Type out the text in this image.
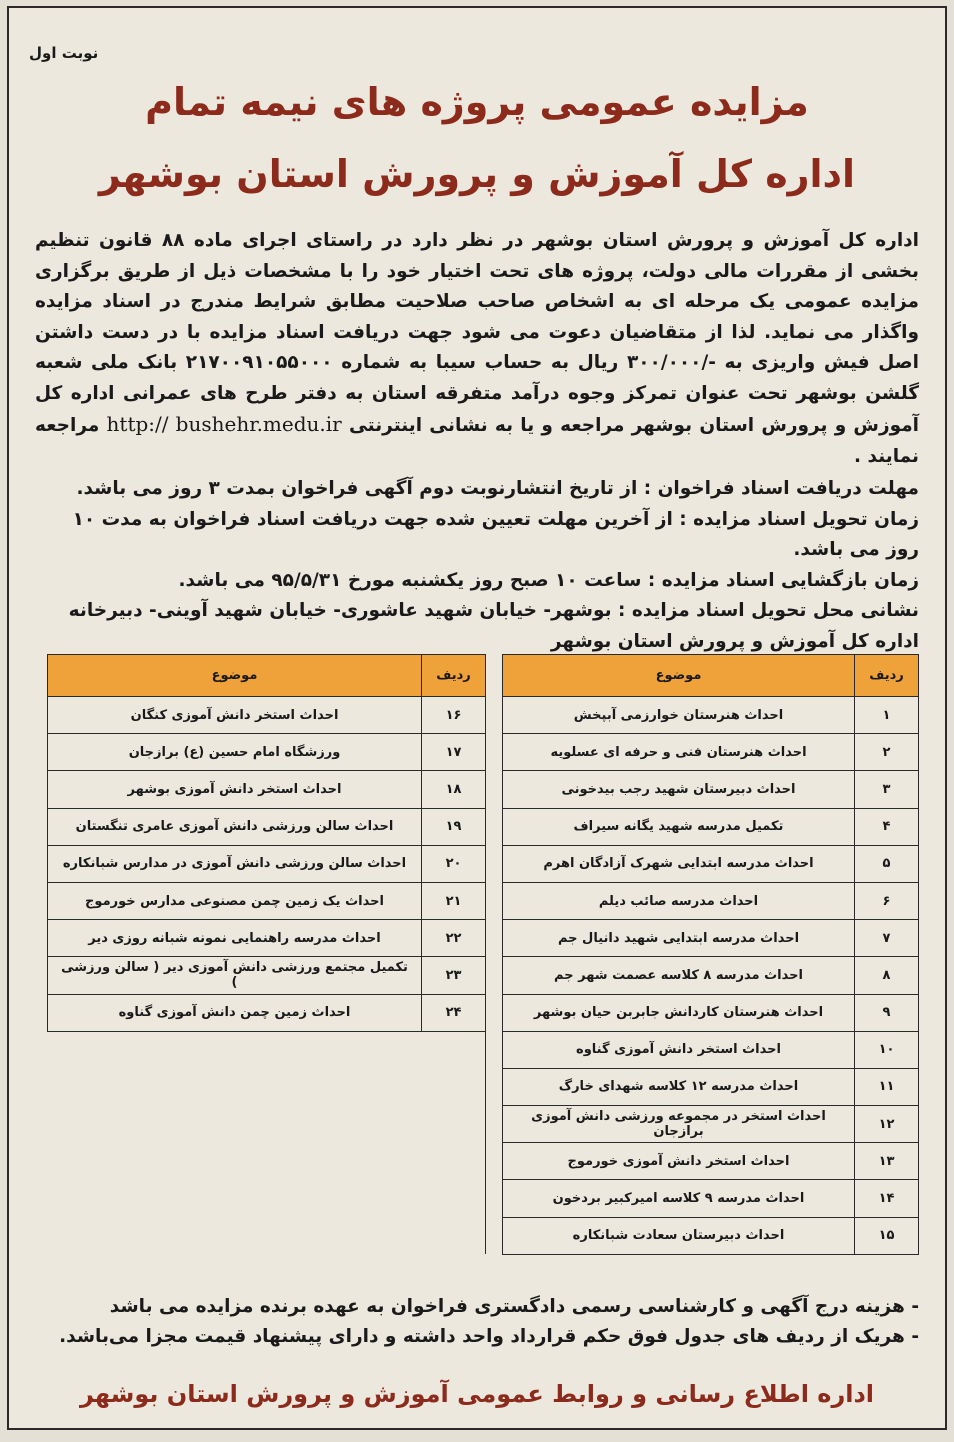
نوبت اول
مزایده عمومی پروژه های نیمه تمام
اداره کل آموزش و پرورش استان بوشهر

اداره کل آموزش و پرورش استان بوشهر در نظر دارد در راستای اجرای ماده ۸۸ قانون تنظیم بخشی از مقررات مالی دولت، پروژه های تحت اختیار خود را با مشخصات ذیل از طریق برگزاری مزایده عمومی یک مرحله ای به اشخاص صاحب صلاحیت مطابق شرایط مندرج در اسناد مزایده واگذار می نماید. لذا از متقاضیان دعوت می شود جهت دریافت اسناد مزایده با در دست داشتن اصل فیش واریزی به -/۳۰۰/۰۰۰ ریال به حساب سیبا به شماره ۲۱۷۰۰۹۱۰۵۵۰۰۰ بانک ملی شعبه گلشن بوشهر تحت عنوان تمرکز وجوه درآمد متفرقه استان به دفتر طرح های عمرانی اداره کل آموزش و پرورش استان بوشهر مراجعه و یا به نشانی اینترنتی http:// bushehr.medu.ir مراجعه نمایند .

مهلت دریافت اسناد فراخوان : از تاریخ انتشارنوبت دوم آگهی فراخوان بمدت ۳ روز می باشد.

زمان تحویل اسناد مزایده : از آخرین مهلت تعیین شده جهت دریافت اسناد فراخوان به مدت ۱۰ روز می باشد.

زمان بازگشایی اسناد مزایده : ساعت ۱۰ صبح روز یکشنبه مورخ ۹۵/۵/۳۱ می باشد.

نشانی محل تحویل اسناد مزایده : بوشهر- خیابان شهید عاشوری- خیابان شهید آوینی- دبیرخانه اداره کل آموزش و پرورش استان بوشهر

ردیف	موضوع		ردیف	موضوع
۱	احداث هنرستان خوارزمی آبپخش		۱۶	احداث استخر دانش آموزی کنگان
۲	احداث هنرستان فنی و حرفه ای عسلویه		۱۷	ورزشگاه امام حسین (ع) برازجان
۳	احداث دبیرستان شهید رجب بیدخونی		۱۸	احداث استخر دانش آموزی بوشهر
۴	تکمیل مدرسه شهید یگانه سیراف		۱۹	احداث سالن ورزشی دانش آموزی عامری تنگستان
۵	احداث مدرسه ابتدایی شهرک آزادگان اهرم		۲۰	احداث سالن ورزشی دانش آموزی در مدارس شبانکاره
۶	احداث مدرسه صائب دیلم		۲۱	احداث یک زمین چمن مصنوعی مدارس خورموج
۷	احداث مدرسه ابتدایی شهید دانیال جم		۲۲	احداث مدرسه راهنمایی نمونه شبانه روزی دیر
۸	احداث مدرسه ۸ کلاسه عصمت شهر جم		۲۳	تکمیل مجتمع ورزشی دانش آموزی دیر ( سالن ورزشی )
۹	احداث هنرستان کاردانش جابربن حیان بوشهر		۲۴	احداث زمین چمن دانش آموزی گناوه
۱۰	احداث استخر دانش آموزی گناوه			
۱۱	احداث مدرسه ۱۲ کلاسه شهدای خارگ			
۱۲	احداث استخر در مجموعه ورزشی دانش آموزی برازجان			
۱۳	احداث استخر دانش آموزی خورموج			
۱۴	احداث مدرسه ۹ کلاسه امیرکبیر بردخون			
۱۵	احداث دبیرستان سعادت شبانکاره			

- هزینه درج آگهی و کارشناسی رسمی دادگستری فراخوان به عهده برنده مزایده می باشد

- هریک از ردیف های جدول فوق حکم قرارداد واحد داشته و دارای پیشنهاد قیمت مجزا می‌باشد.

اداره اطلاع رسانی و روابط عمومی آموزش و پرورش استان بوشهر
